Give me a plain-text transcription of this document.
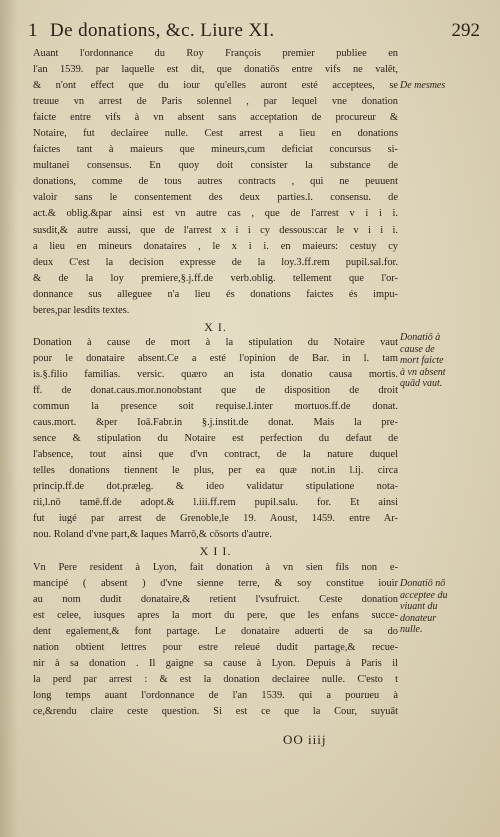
1 De donations, &c. Liure XI.	292
Auant l'ordonnance du Roy François premier publiee en
l'an 1539. par laquelle est dit, que donatiōs entre vifs ne valēt,
& n'ont effect que du iour qu'elles auront esté acceptees, se
treuue vn arrest de Paris solennel , par lequel vne donation
faicte entre vifs à vn absent sans acceptation de procureur &
Notaire, fut declairee nulle. Cest arrest a lieu en donations
faictes tant à maieurs que mineurs,cum deficiat concursus si-
multanei consensus. En quoy doit consister la substance de
donations, comme de tous autres contracts , qui ne peuuent
valoir sans le consentement des deux parties.l. consensu. de
act.& oblig.&par ainsi est vn autre cas , que de l'arrest v i i i.
susdit,& autre aussi, que de l'arrest x i i cy dessous:car le v i i i.
a lieu en mineurs donataires , le x i i. en maieurs: cestuy cy
deux C'est la decision expresse de la loy.3.ff.rem pupil.sal.for.
& de la loy premiere,§.j.ff.de verb.oblig. tellement que l'or-
donnance sus alleguee n'a lieu és donations faictes és impu-
beres,par lesdits textes.
X I.
Donation à cause de mort à la stipulation du Notaire vaut
pour le donataire absent.Ce a esté l'opinion de Bar. in l. tam
is.§.filio familias. versic. quæro an ista donatio causa mortis.
ff. de donat.caus.mor.nonobstant que de disposition de droit
commun la presence soit requise.l.inter mortuos.ff.de donat.
caus.mort. &per Ioā.Fabr.in §.j.instit.de donat. Mais la pre-
sence & stipulation du Notaire est perfection du defaut de
l'absence, tout ainsi que d'vn contract, de la nature duquel
telles donations tiennent le plus, per ea quæ not.in l.ij. circa
princip.ff.de dot.præleg. & ideo validatur stipulatione nota-
rii,l.nō tamē.ff.de adopt.& l.iii.ff.rem pupil.salu. for. Et ainsi
fut iugé par arrest de Grenoble,le 19. Aoust, 1459. entre Ar-
nou. Roland d'vne part,& Iaques Marrō,& cōsorts d'autre.
X I I.
Vn Pere resident à Lyon, fait donation à vn sien fils non e-
mancipé ( absent ) d'vne sienne terre, & soy constitue iouir
au nom dudit donataire,& retient l'vsufruict. Ceste donation
est celee, iusques apres la mort du pere, que les enfans succe-
dent egalement,& font partage. Le donataire aduerti de sa do
nation obtient lettres pour estre releué dudit partage,& recue-
nir à sa donation . Il gaigne sa cause à Lyon. Depuis à Paris il
la perd par arrest : & est la donation declairee nulle. C'esto t
long temps auant l'ordonnance de l'an 1539. qui a pourueu à
ce,&rendu claire ceste question. Si est ce que la Cour, suyuāt
De mesmes
Donatiō à
cause de
mort faicte
à vn absent
quād vaut.
Donatiō nō
acceptee du
viuant du
donateur
nulle.
OO iiij
